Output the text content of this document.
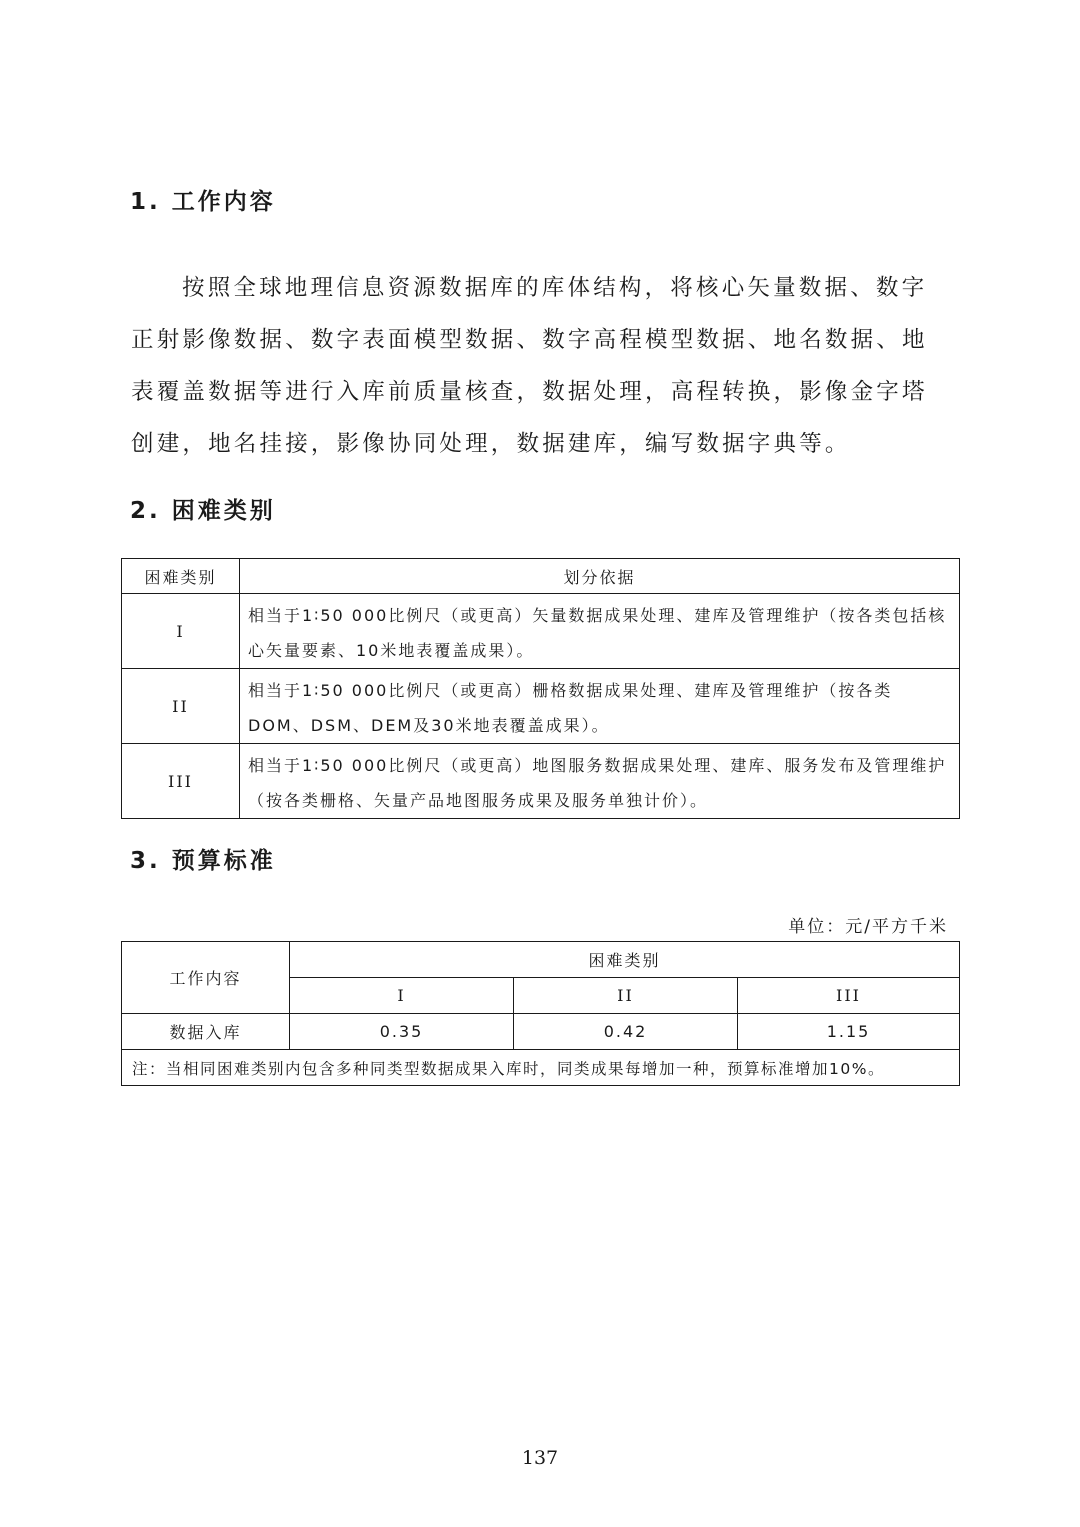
1. 工作内容

按照全球地理信息资源数据库的库体结构，将核心矢量数据、数字正射影像数据、数字表面模型数据、数字高程模型数据、地名数据、地表覆盖数据等进行入库前质量核查，数据处理，高程转换，影像金字塔创建，地名挂接，影像协同处理，数据建库，编写数据字典等。

2. 困难类别
困难类别	划分依据
I	相当于1∶50 000比例尺（或更高）矢量数据成果处理、建库及管理维护（按各类包括核心矢量要素、10米地表覆盖成果）。
II	相当于1∶50 000比例尺（或更高）栅格数据成果处理、建库及管理维护（按各类DOM、DSM、DEM及30米地表覆盖成果）。
III	相当于1∶50 000比例尺（或更高）地图服务数据成果处理、建库、服务发布及管理维护（按各类栅格、矢量产品地图服务成果及服务单独计价）。
3. 预算标准
单位：元/平方千米
工作内容	困难类别		
	I	II	III
数据入库	0.35	0.42	1.15
注：当相同困难类别内包含多种同类型数据成果入库时，同类成果每增加一种，预算标准增加10%。			
137
